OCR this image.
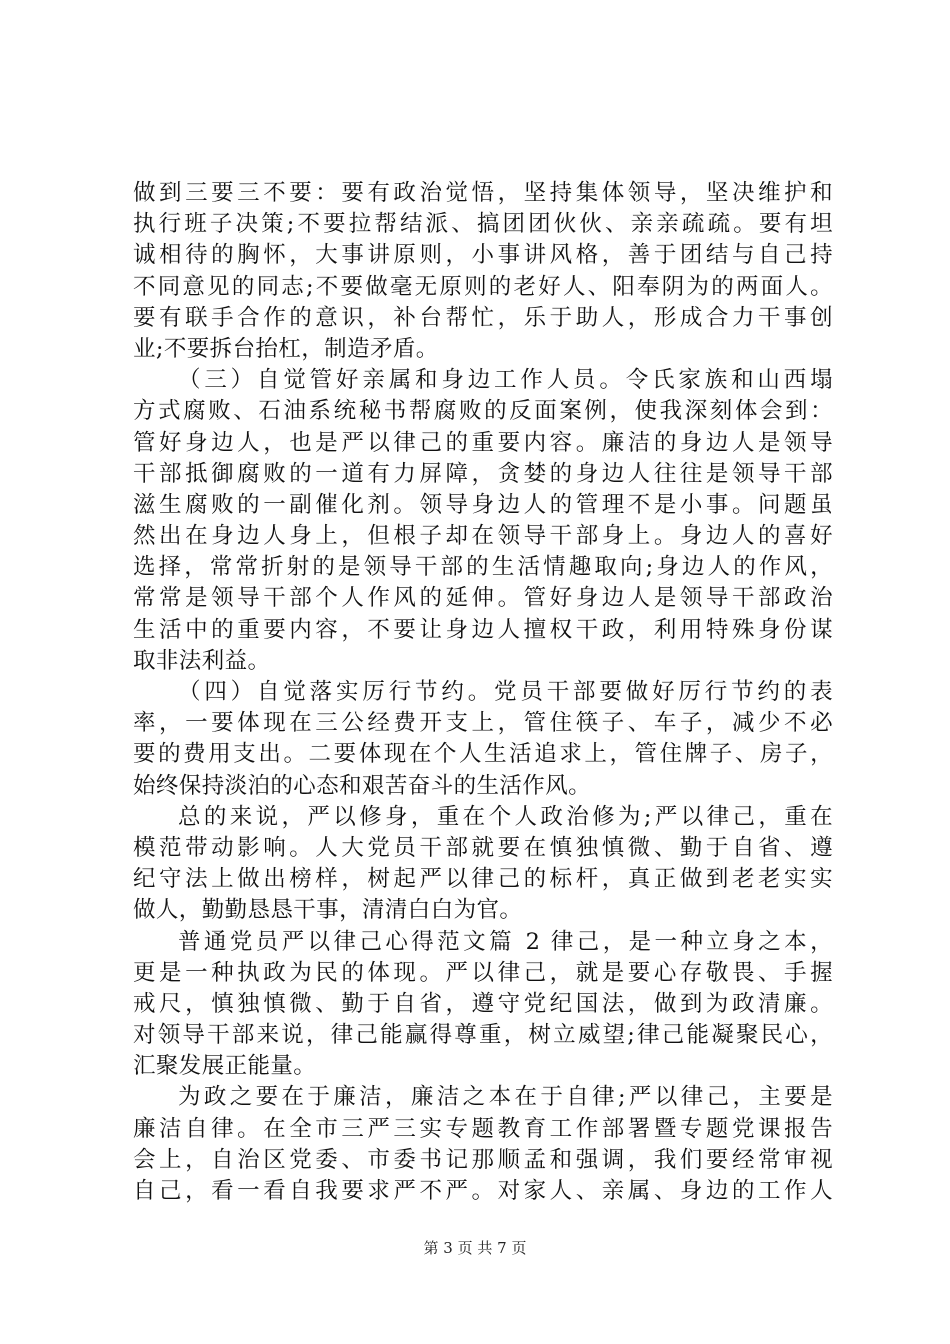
做到三要三不要：要有政治觉悟，坚持集体领导，坚决维护和
执行班子决策;不要拉帮结派、搞团团伙伙、亲亲疏疏。要有坦
诚相待的胸怀，大事讲原则，小事讲风格，善于团结与自己持
不同意见的同志;不要做毫无原则的老好人、阳奉阴为的两面人。
要有联手合作的意识，补台帮忙，乐于助人，形成合力干事创
业;不要拆台抬杠，制造矛盾。
（三）自觉管好亲属和身边工作人员。令氏家族和山西塌
方式腐败、石油系统秘书帮腐败的反面案例，使我深刻体会到：
管好身边人，也是严以律己的重要内容。廉洁的身边人是领导
干部抵御腐败的一道有力屏障，贪婪的身边人往往是领导干部
滋生腐败的一副催化剂。领导身边人的管理不是小事。问题虽
然出在身边人身上，但根子却在领导干部身上。身边人的喜好
选择，常常折射的是领导干部的生活情趣取向;身边人的作风，
常常是领导干部个人作风的延伸。管好身边人是领导干部政治
生活中的重要内容，不要让身边人擅权干政，利用特殊身份谋
取非法利益。
（四）自觉落实厉行节约。党员干部要做好厉行节约的表
率，一要体现在三公经费开支上，管住筷子、车子，减少不必
要的费用支出。二要体现在个人生活追求上，管住牌子、房子，
始终保持淡泊的心态和艰苦奋斗的生活作风。
总的来说，严以修身，重在个人政治修为;严以律己，重在
模范带动影响。人大党员干部就要在慎独慎微、勤于自省、遵
纪守法上做出榜样，树起严以律己的标杆，真正做到老老实实
做人，勤勤恳恳干事，清清白白为官。
普通党员严以律己心得范文篇 2 律己，是一种立身之本，
更是一种执政为民的体现。严以律己，就是要心存敬畏、手握
戒尺，慎独慎微、勤于自省，遵守党纪国法，做到为政清廉。
对领导干部来说，律己能赢得尊重，树立威望;律己能凝聚民心，
汇聚发展正能量。
为政之要在于廉洁，廉洁之本在于自律;严以律己，主要是
廉洁自律。在全市三严三实专题教育工作部署暨专题党课报告
会上，自治区党委、市委书记那顺孟和强调，我们要经常审视
自己，看一看自我要求严不严。对家人、亲属、身边的工作人
第 3 页 共 7 页
